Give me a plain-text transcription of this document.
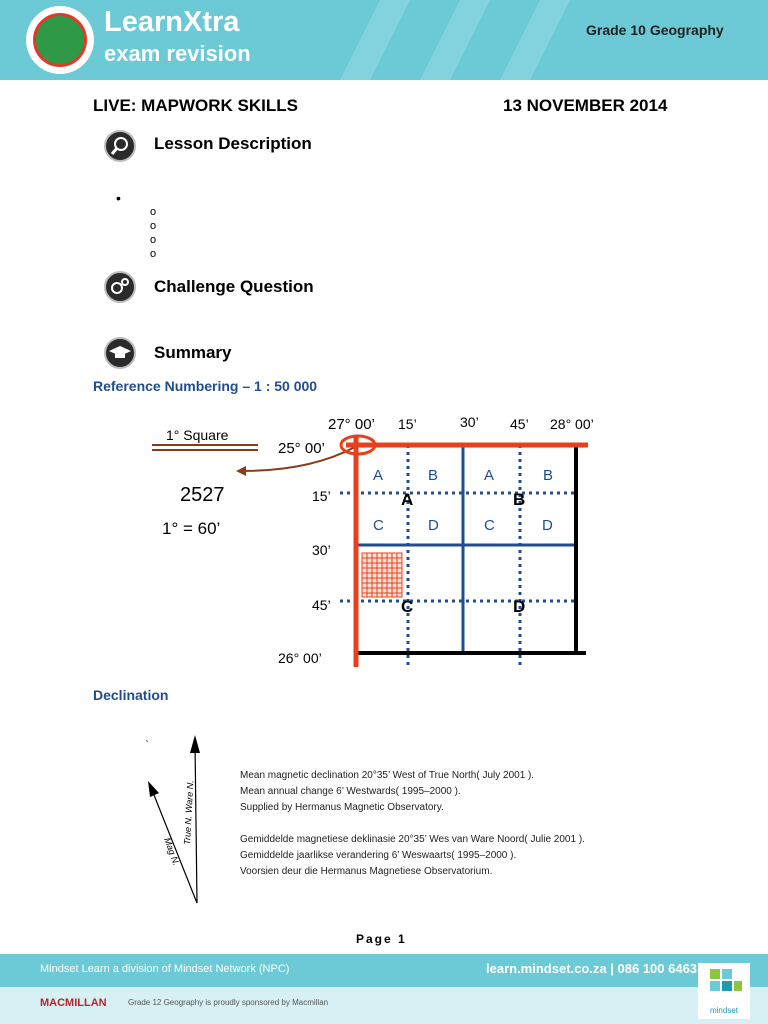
LearnXtra
exam revision
Grade 10 Geography
LIVE: MAPWORK SKILLS	13 NOVEMBER 2014
Lesson Description
•
o
o
o
o
Challenge Question
Summary
Reference Numbering – 1 : 50 000
1° Square
2527
1° = 60’
27° 00’ 15’	30’ 45’ 28° 00’
25° 00’
15’
30’
45’
26° 00’
A	B	A	B
C	D	C	D
A	B
C	D
Declination
True N. Ware N.
Mag N.
Mean magnetic declination 20°35’ West of True North( July 2001 ).
Mean annual change 6’ Westwards( 1995–2000 ).
Supplied by Hermanus Magnetic Observatory.
Gemiddelde magnetiese deklinasie 20°35’ Wes van Ware Noord( Julie 2001 ).
Gemiddelde jaarlikse verandering 6’ Weswaarts( 1995–2000 ).
Voorsien deur die Hermanus Magnetiese Observatorium.
Page 1
Mindset Learn a division of Mindset Network (NPC)	learn.mindset.co.za | 086 100 6463
MACMILLAN	Grade 12 Geography is proudly sponsored by Macmillan
mindset
